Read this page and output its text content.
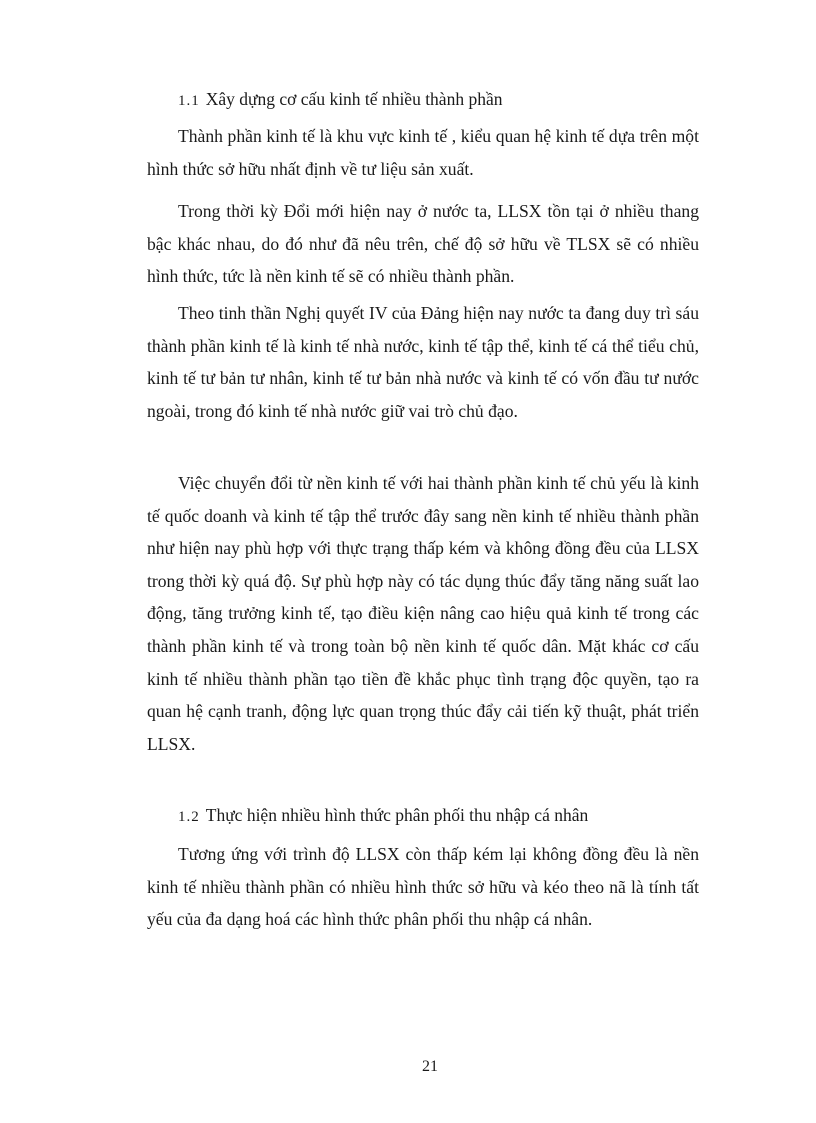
1.1 Xây dựng cơ cấu kinh tế nhiều thành phần

Thành phần kinh tế là khu vực kinh tế , kiểu quan hệ kinh tế dựa trên một hình thức sở hữu nhất định về tư liệu sản xuất.

Trong thời kỳ Đổi mới hiện nay ở nước ta, LLSX tồn tại ở nhiều thang bậc khác nhau, do đó như đã nêu trên, chế độ sở hữu về TLSX sẽ có nhiều hình thức, tức là nền kinh tế sẽ có nhiều thành phần.

Theo tinh thần Nghị quyết IV của Đảng hiện nay nước ta đang duy trì sáu thành phần kinh tế là kinh tế nhà nước, kinh tế tập thể, kinh tế cá thể tiểu chủ, kinh tế tư bản tư nhân, kinh tế tư bản nhà nước và kinh tế có vốn đầu tư nước ngoài, trong đó kinh tế nhà nước giữ vai trò chủ đạo.

Việc chuyển đổi từ nền kinh tế với hai thành phần kinh tế chủ yếu là kinh tế quốc doanh và kinh tế tập thể trước đây sang nền kinh tế nhiều thành phần như hiện nay phù hợp với thực trạng thấp kém và không đồng đều của LLSX trong thời kỳ quá độ. Sự phù hợp này có tác dụng thúc đẩy tăng năng suất lao động, tăng trưởng kinh tế, tạo điều kiện nâng cao hiệu quả kinh tế trong các thành phần kinh tế và trong toàn bộ nền kinh tế quốc dân. Mặt khác cơ cấu kinh tế nhiều thành phần tạo tiền đề khắc phục tình trạng độc quyền, tạo ra quan hệ cạnh tranh, động lực quan trọng thúc đẩy cải tiến kỹ thuật, phát triển LLSX.

1.2 Thực hiện nhiều hình thức phân phối thu nhập cá nhân

Tương ứng với trình độ LLSX còn thấp kém lại không đồng đều là nền kinh tế nhiều thành phần có nhiều hình thức sở hữu và kéo theo nã là tính tất yếu của đa dạng hoá các hình thức phân phối thu nhập cá nhân.

21
